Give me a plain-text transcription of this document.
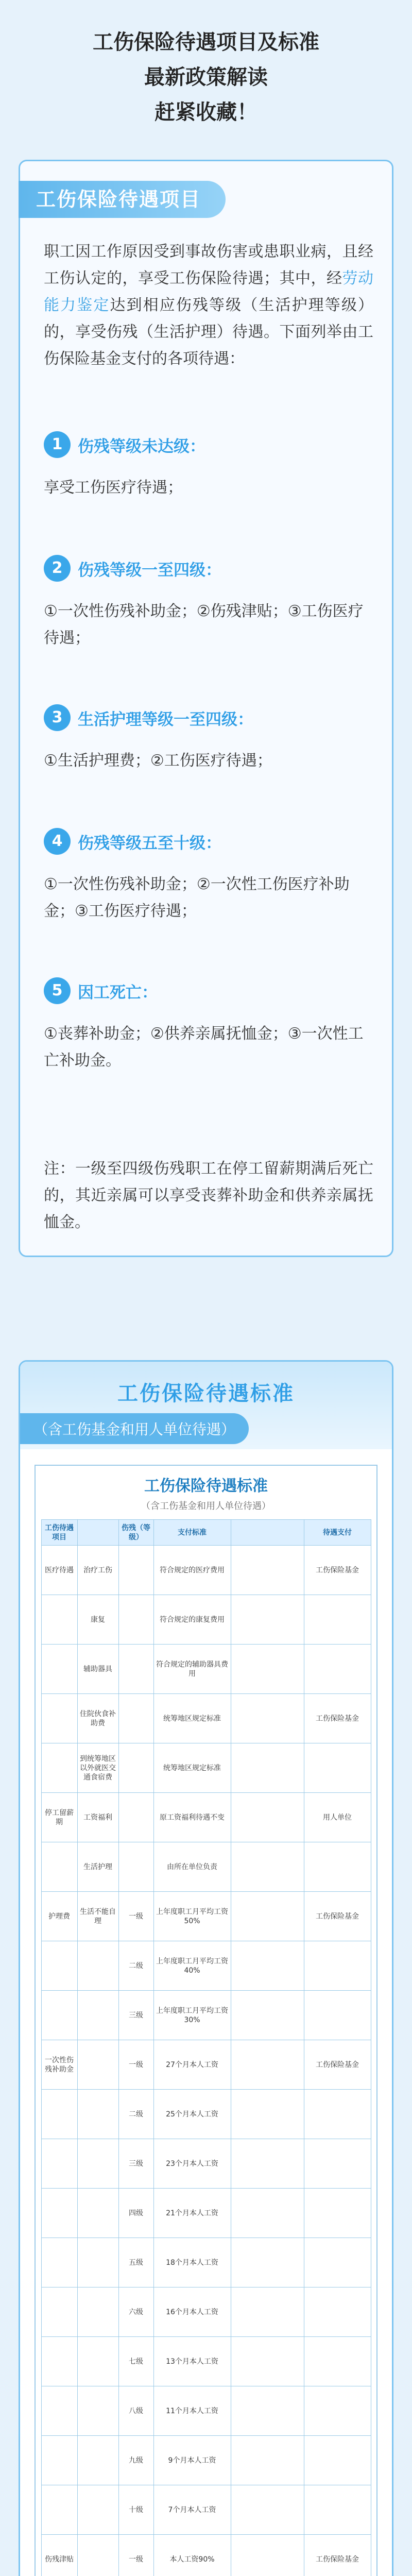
工伤保险待遇项目及标准

最新政策解读

赶紧收藏！

工伤保险待遇项目
职工因工作原因受到事故伤害或患职业病，且经工伤认定的，享受工伤保险待遇；其中，经劳动能力鉴定达到相应伤残等级（生活护理等级）的，享受伤残（生活护理）待遇。下面列举由工伤保险基金支付的各项待遇：
1 伤残等级未达级：
享受工伤医疗待遇；
2 伤残等级一至四级：
①一次性伤残补助金；②伤残津贴；③工伤医疗待遇；
3 生活护理等级一至四级：
①生活护理费；②工伤医疗待遇；
4 伤残等级五至十级：
①一次性伤残补助金；②一次性工伤医疗补助金；③工伤医疗待遇；
5 因工死亡：
①丧葬补助金；②供养亲属抚恤金；③一次性工亡补助金。
注：一级至四级伤残职工在停工留薪期满后死亡的，其近亲属可以享受丧葬补助金和供养亲属抚恤金。
工伤保险待遇标准
（含工伤基金和用人单位待遇）
工伤保险待遇标准
（含工伤基金和用人单位待遇）
工伤待遇项目		伤残（等级）	支付标准		待遇支付
医疗待遇	治疗工伤		符合规定的医疗费用		工伤保险基金
	康复		符合规定的康复费用		
	辅助器具		符合规定的辅助器具费用		
	住院伙食补助费		统筹地区规定标准		工伤保险基金
	到统筹地区以外就医交通食宿费		统筹地区规定标准		
停工留薪期	工资福利		原工资福利待遇不变		用人单位
	生活护理		由所在单位负责		
护理费	生活不能自理	一级	上年度职工月平均工资50%		工伤保险基金
		二级	上年度职工月平均工资40%		
		三级	上年度职工月平均工资30%		
一次性伤残补助金		一级	27个月本人工资		工伤保险基金
		二级	25个月本人工资		
		三级	23个月本人工资		
		四级	21个月本人工资		
		五级	18个月本人工资		
		六级	16个月本人工资		
		七级	13个月本人工资		
		八级	11个月本人工资		
		九级	9个月本人工资		
		十级	7个月本人工资		
伤残津贴		一级	本人工资90%		工伤保险基金
